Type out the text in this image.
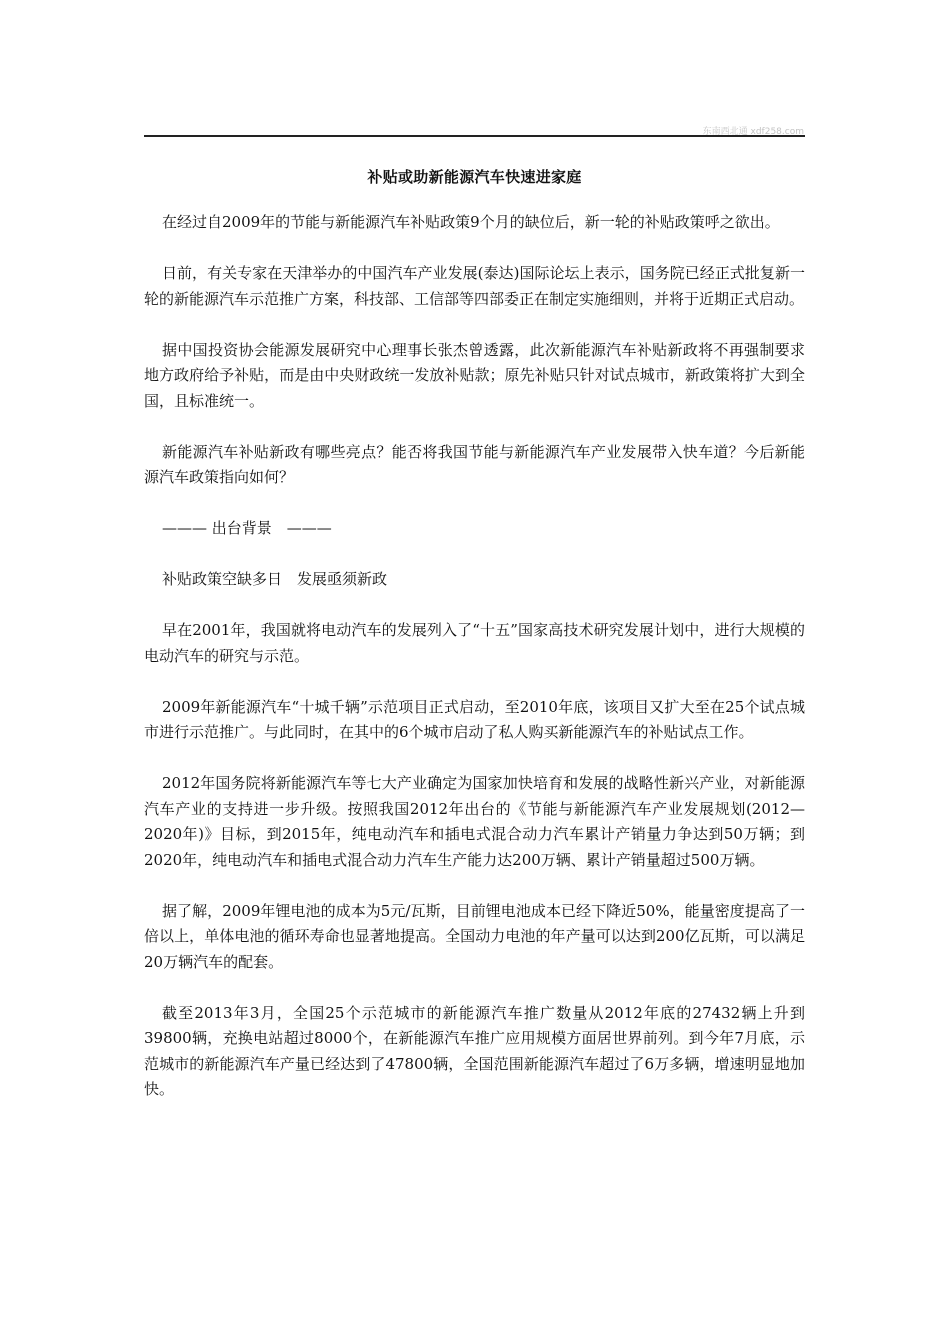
东南西北通 xdf258.com
补贴或助新能源汽车快速进家庭

在经过自2009年的节能与新能源汽车补贴政策9个月的缺位后，新一轮的补贴政策呼之欲出。

日前，有关专家在天津举办的中国汽车产业发展(泰达)国际论坛上表示，国务院已经正式批复新一轮的新能源汽车示范推广方案，科技部、工信部等四部委正在制定实施细则，并将于近期正式启动。

据中国投资协会能源发展研究中心理事长张杰曾透露，此次新能源汽车补贴新政将不再强制要求地方政府给予补贴，而是由中央财政统一发放补贴款；原先补贴只针对试点城市，新政策将扩大到全国，且标准统一。

新能源汽车补贴新政有哪些亮点？能否将我国节能与新能源汽车产业发展带入快车道？今后新能源汽车政策指向如何？

——— 出台背景　———

补贴政策空缺多日　发展亟须新政

早在2001年，我国就将电动汽车的发展列入了“十五”国家高技术研究发展计划中，进行大规模的电动汽车的研究与示范。

2009年新能源汽车“十城千辆”示范项目正式启动，至2010年底，该项目又扩大至在25个试点城市进行示范推广。与此同时，在其中的6个城市启动了私人购买新能源汽车的补贴试点工作。

2012年国务院将新能源汽车等七大产业确定为国家加快培育和发展的战略性新兴产业，对新能源汽车产业的支持进一步升级。按照我国2012年出台的《节能与新能源汽车产业发展规划(2012—2020年)》目标，到2015年，纯电动汽车和插电式混合动力汽车累计产销量力争达到50万辆；到2020年，纯电动汽车和插电式混合动力汽车生产能力达200万辆、累计产销量超过500万辆。

据了解，2009年锂电池的成本为5元/瓦斯，目前锂电池成本已经下降近50%，能量密度提高了一倍以上，单体电池的循环寿命也显著地提高。全国动力电池的年产量可以达到200亿瓦斯，可以满足20万辆汽车的配套。

截至2013年3月，全国25个示范城市的新能源汽车推广数量从2012年底的27432辆上升到39800辆，充换电站超过8000个，在新能源汽车推广应用规模方面居世界前列。到今年7月底，示范城市的新能源汽车产量已经达到了47800辆，全国范围新能源汽车超过了6万多辆，增速明显地加快。
